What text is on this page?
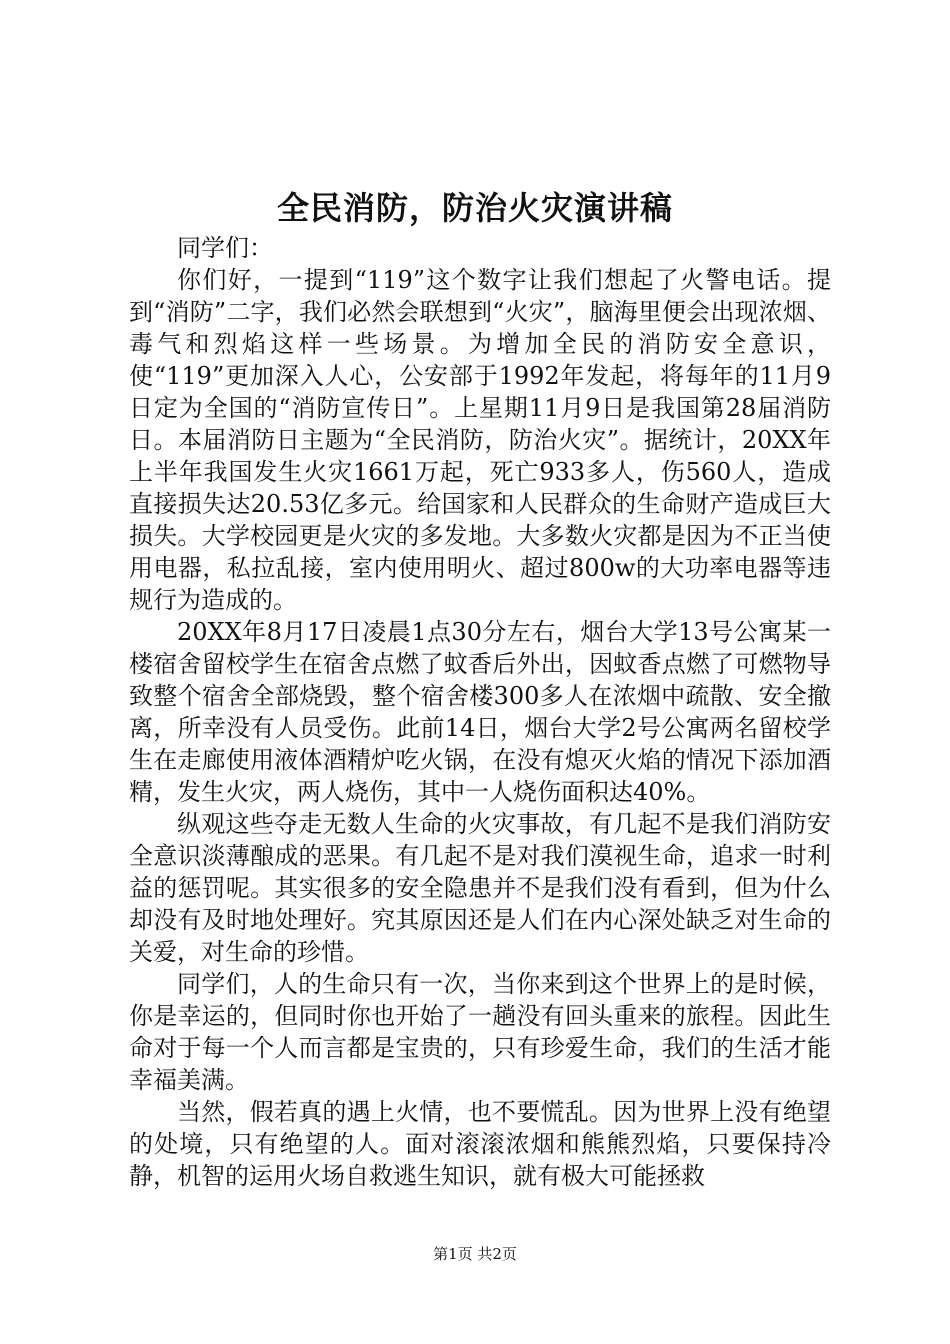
全民消防，防治火灾演讲稿

同学们：

你们好，一提到“119”这个数字让我们想起了火警电话。提到“消防”二字，我们必然会联想到“火灾”，脑海里便会出现浓烟、毒气和烈焰这样一些场景。为增加全民的消防安全意识，使“119”更加深入人心，公安部于1992年发起，将每年的11月9日定为全国的“消防宣传日”。上星期11月9日是我国第28届消防日。本届消防日主题为“全民消防，防治火灾”。据统计，20XX年上半年我国发生火灾1661万起，死亡933多人，伤560人，造成直接损失达20.53亿多元。给国家和人民群众的生命财产造成巨大损失。大学校园更是火灾的多发地。大多数火灾都是因为不正当使用电器，私拉乱接，室内使用明火、超过800w的大功率电器等违规行为造成的。

20XX年8月17日凌晨1点30分左右，烟台大学13号公寓某一楼宿舍留校学生在宿舍点燃了蚊香后外出，因蚊香点燃了可燃物导致整个宿舍全部烧毁，整个宿舍楼300多人在浓烟中疏散、安全撤离，所幸没有人员受伤。此前14日，烟台大学2号公寓两名留校学生在走廊使用液体酒精炉吃火锅，在没有熄灭火焰的情况下添加酒精，发生火灾，两人烧伤，其中一人烧伤面积达40%。

纵观这些夺走无数人生命的火灾事故，有几起不是我们消防安全意识淡薄酿成的恶果。有几起不是对我们漠视生命，追求一时利益的惩罚呢。其实很多的安全隐患并不是我们没有看到，但为什么却没有及时地处理好。究其原因还是人们在内心深处缺乏对生命的关爱，对生命的珍惜。

同学们，人的生命只有一次，当你来到这个世界上的是时候，你是幸运的，但同时你也开始了一趟没有回头重来的旅程。因此生命对于每一个人而言都是宝贵的，只有珍爱生命，我们的生活才能幸福美满。

当然，假若真的遇上火情，也不要慌乱。因为世界上没有绝望的处境，只有绝望的人。面对滚滚浓烟和熊熊烈焰，只要保持冷静，机智的运用火场自救逃生知识，就有极大可能拯救

第1页 共2页
